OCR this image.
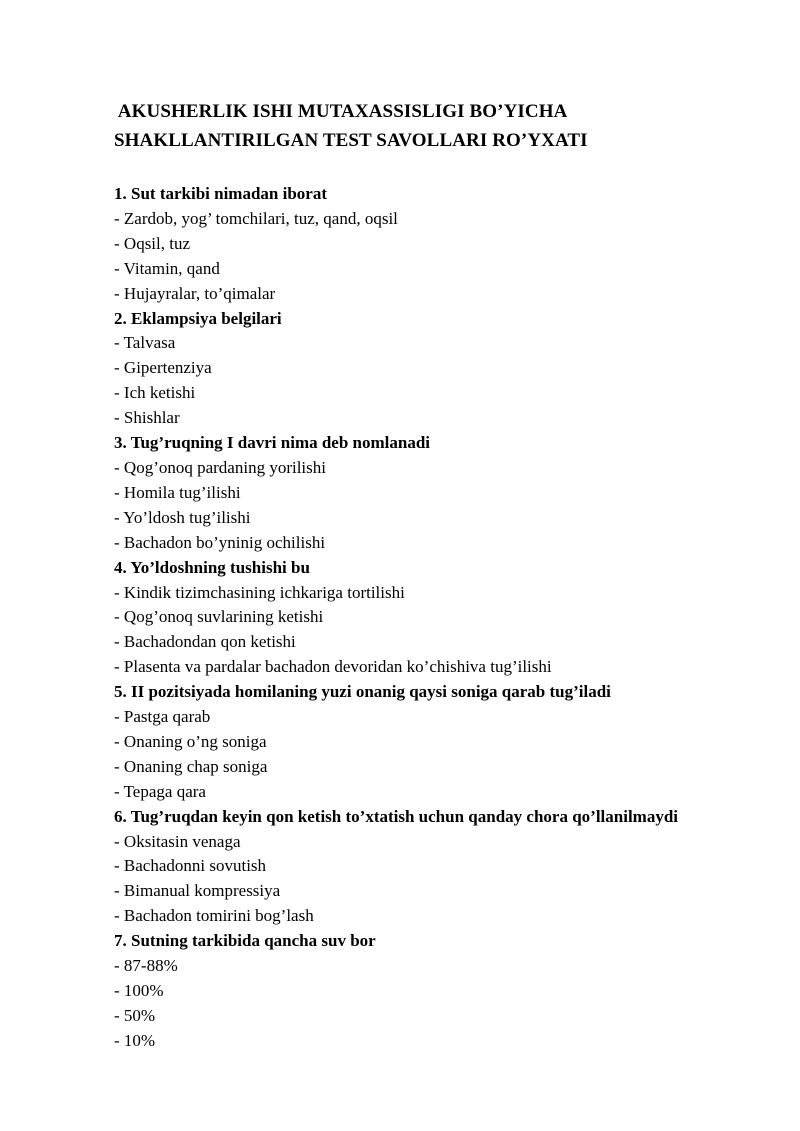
AKUSHERLIK ISHI MUTAXASSISLIGI BO’YICHA
SHAKLLANTIRILGAN TEST SAVOLLARI RO’YXATI
1. Sut tarkibi nimadan iborat
- Zardob, yog’ tomchilari, tuz, qand, oqsil
- Oqsil, tuz
- Vitamin, qand
- Hujayralar, to’qimalar
2. Eklampsiya belgilari
- Talvasa
- Gipertenziya
- Ich ketishi
- Shishlar
3. Tug’ruqning I davri nima deb nomlanadi
- Qog’onoq pardaning yorilishi
- Homila tug’ilishi
- Yo’ldosh tug’ilishi
- Bachadon bo’yninig ochilishi
4. Yo’ldoshning tushishi bu
- Kindik tizimchasining ichkariga tortilishi
- Qog’onoq suvlarining ketishi
- Bachadondan qon ketishi
- Plasenta va pardalar bachadon devoridan ko’chishiva tug’ilishi
5. II pozitsiyada homilaning yuzi onanig qaysi soniga qarab tug’iladi
- Pastga qarab
- Onaning o’ng soniga
- Onaning chap soniga
- Tepaga qara
6. Tug’ruqdan keyin qon ketish to’xtatish uchun qanday chora qo’llanilmaydi
- Oksitasin venaga
- Bachadonni sovutish
- Bimanual kompressiya
- Bachadon tomirini bog’lash
7. Sutning tarkibida qancha suv bor
- 87-88%
- 100%
- 50%
- 10%
